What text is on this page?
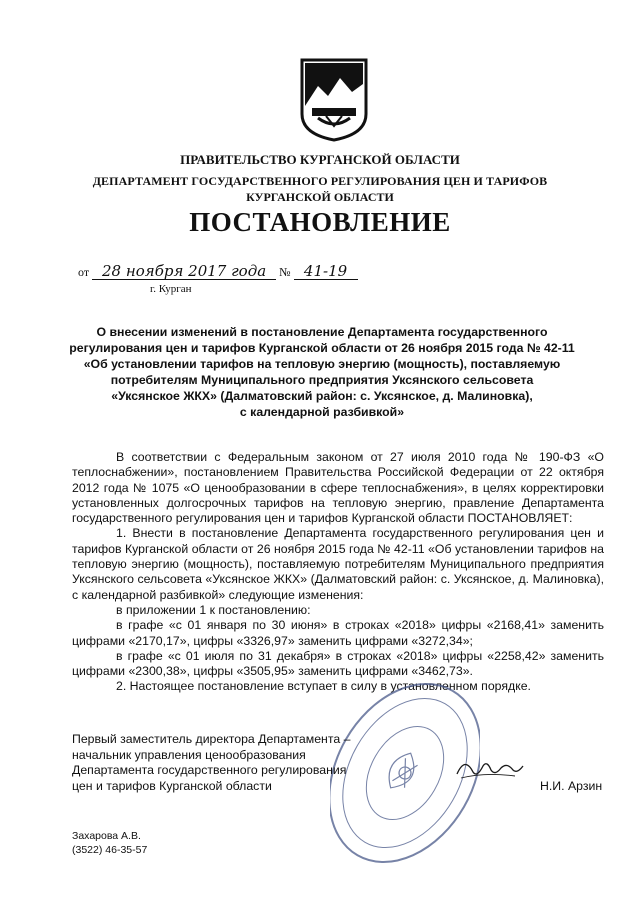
ПРАВИТЕЛЬСТВО КУРГАНСКОЙ ОБЛАСТИ
ДЕПАРТАМЕНТ ГОСУДАРСТВЕННОГО РЕГУЛИРОВАНИЯ ЦЕН И ТАРИФОВ
КУРГАНСКОЙ ОБЛАСТИ
ПОСТАНОВЛЕНИЕ
от 28 ноября 2017 года № 41-19
г. Курган
О внесении изменений в постановление Департамента государственного
регулирования цен и тарифов Курганской области от 26 ноября 2015 года № 42-11
«Об установлении тарифов на тепловую энергию (мощность), поставляемую
потребителям Муниципального предприятия Уксянского сельсовета
«Уксянское ЖКХ» (Далматовский район: с. Уксянское, д. Малиновка),
с календарной разбивкой»

В соответствии с Федеральным законом от 27 июля 2010 года № 190-ФЗ «О теплоснабжении», постановлением Правительства Российской Федерации от 22 октября 2012 года № 1075 «О ценообразовании в сфере теплоснабжения», в целях корректировки установленных долгосрочных тарифов на тепловую энергию, правление Департамента государственного регулирования цен и тарифов Курганской области ПОСТАНОВЛЯЕТ:

1. Внести в постановление Департамента государственного регулирования цен и тарифов Курганской области от 26 ноября 2015 года № 42-11 «Об установлении тарифов на тепловую энергию (мощность), поставляемую потребителям Муниципального предприятия Уксянского сельсовета «Уксянское ЖКХ» (Далматовский район: с. Уксянское, д. Малиновка), с календарной разбивкой» следующие изменения:

в приложении 1 к постановлению:

в графе «с 01 января по 30 июня» в строках «2018» цифры «2168,41» заменить цифрами «2170,17», цифры «3326,97» заменить цифрами «3272,34»;

в графе «с 01 июля по 31 декабря» в строках «2018» цифры «2258,42» заменить цифрами «2300,38», цифры «3505,95» заменить цифрами «3462,73».

2. Настоящее постановление вступает в силу в установленном порядке.

Первый заместитель директора Департамента –
начальник управления ценообразования
Департамента государственного регулирования
цен и тарифов Курганской области	Н.И. Арзин
Захарова А.В.
(3522) 46-35-57
